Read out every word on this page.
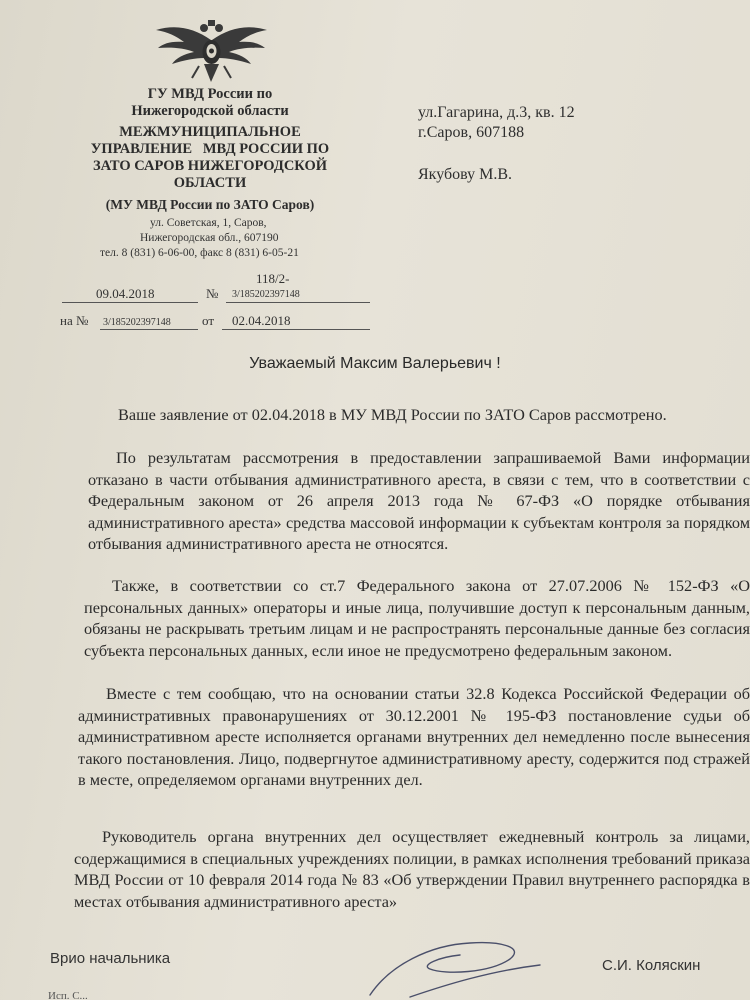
ГУ МВД России по
Нижегородской области
МЕЖМУНИЦИПАЛЬНОЕ
УПРАВЛЕНИЕ   МВД РОССИИ ПО
ЗАТО САРОВ НИЖЕГОРОДСКОЙ
ОБЛАСТИ
(МУ МВД России по ЗАТО Саров)
ул. Советская, 1, Саров,
Нижегородская обл., 607190
тел. 8 (831) 6-06-00, факс 8 (831) 6-05-21
ул.Гагарина, д.3, кв. 12
г.Саров, 607188
Якубову М.В.
09.04.2018	№
118/2-
3/185202397148
на № 3/185202397148 от 02.04.2018
Уважаемый Максим Валерьевич !
Ваше заявление от 02.04.2018 в МУ МВД России по ЗАТО Саров рассмотрено.
По результатам рассмотрения в предоставлении запрашиваемой Вами информации отказано в части отбывания административного ареста, в связи с тем, что в соответствии с Федеральным законом от 26 апреля 2013 года № 67-ФЗ «О порядке отбывания административного ареста» средства массовой информации к субъектам контроля за порядком отбывания административного ареста не относятся.
Также, в соответствии со ст.7 Федерального закона от 27.07.2006 № 152-ФЗ «О персональных данных» операторы и иные лица, получившие доступ к персональным данным, обязаны не раскрывать третьим лицам и не распространять персональные данные без согласия субъекта персональных данных, если иное не предусмотрено федеральным законом.
Вместе с тем сообщаю, что на основании статьи 32.8 Кодекса Российской Федерации об административных правонарушениях от 30.12.2001 № 195-ФЗ постановление судьи об административном аресте исполняется органами внутренних дел немедленно после вынесения такого постановления. Лицо, подвергнутое административному аресту, содержится под стражей в месте, определяемом органами внутренних дел.
Руководитель органа внутренних дел осуществляет ежедневный контроль за лицами, содержащимися в специальных учреждениях полиции, в рамках исполнения требований приказа МВД России от 10 февраля 2014 года № 83 «Об утверждении Правил внутреннего распорядка в местах отбывания административного ареста»
Врио начальника	С.И. Коляскин
Исп. С...
